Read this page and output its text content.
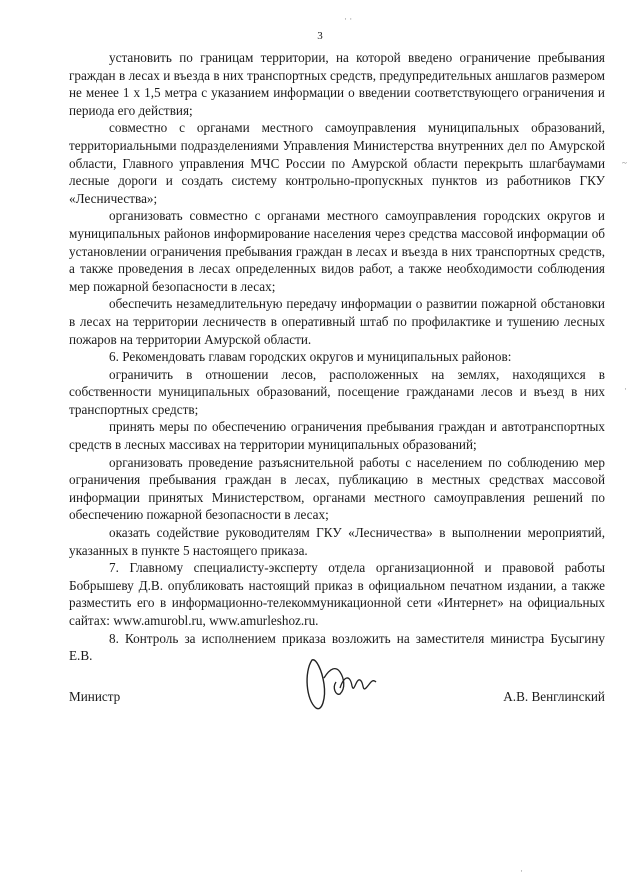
3

установить по границам территории, на которой введено ограничение пребывания граждан в лесах и въезда в них транспортных средств, предупредительных аншлагов размером не менее 1 х 1,5 метра с указанием информации о введении соответствующего ограничения и периода его действия;

совместно с органами местного самоуправления муниципальных образований, территориальными подразделениями Управления Министерства внутренних дел по Амурской области, Главного управления МЧС России по Амурской области перекрыть шлагбаумами лесные дороги и создать систему контрольно-пропускных пунктов из работников ГКУ «Лесничества»;

организовать совместно с органами местного самоуправления городских округов и муниципальных районов информирование населения через средства массовой информации об установлении ограничения пребывания граждан в лесах и въезда в них транспортных средств, а также проведения в лесах определенных видов работ, а также необходимости соблюдения мер пожарной безопасности в лесах;

обеспечить незамедлительную передачу информации о развитии пожарной обстановки в лесах на территории лесничеств в оперативный штаб по профилактике и тушению лесных пожаров на территории Амурской области.

6. Рекомендовать главам городских округов и муниципальных районов:

ограничить в отношении лесов, расположенных на землях, находящихся в собственности муниципальных образований, посещение гражданами лесов и въезд в них транспортных средств;

принять меры по обеспечению ограничения пребывания граждан и автотранспортных средств в лесных массивах на территории муниципальных образований;

организовать проведение разъяснительной работы с населением по соблюдению мер ограничения пребывания граждан в лесах, публикацию в местных средствах массовой информации принятых Министерством, органами местного самоуправления решений по обеспечению пожарной безопасности в лесах;

оказать содействие руководителям ГКУ «Лесничества» в выполнении мероприятий, указанных в пункте 5 настоящего приказа.

7. Главному специалисту-эксперту отдела организационной и правовой работы Бобрышеву Д.В. опубликовать настоящий приказ в официальном печатном издании, а также разместить его в информационно-телекоммуникационной сети «Интернет» на официальных сайтах: www.amurobl.ru, www.amurleshoz.ru.

8. Контроль за исполнением приказа возложить на заместителя министра Бусыгину Е.В.

Министр	А.В. Венглинский
· ·
~
·
·
